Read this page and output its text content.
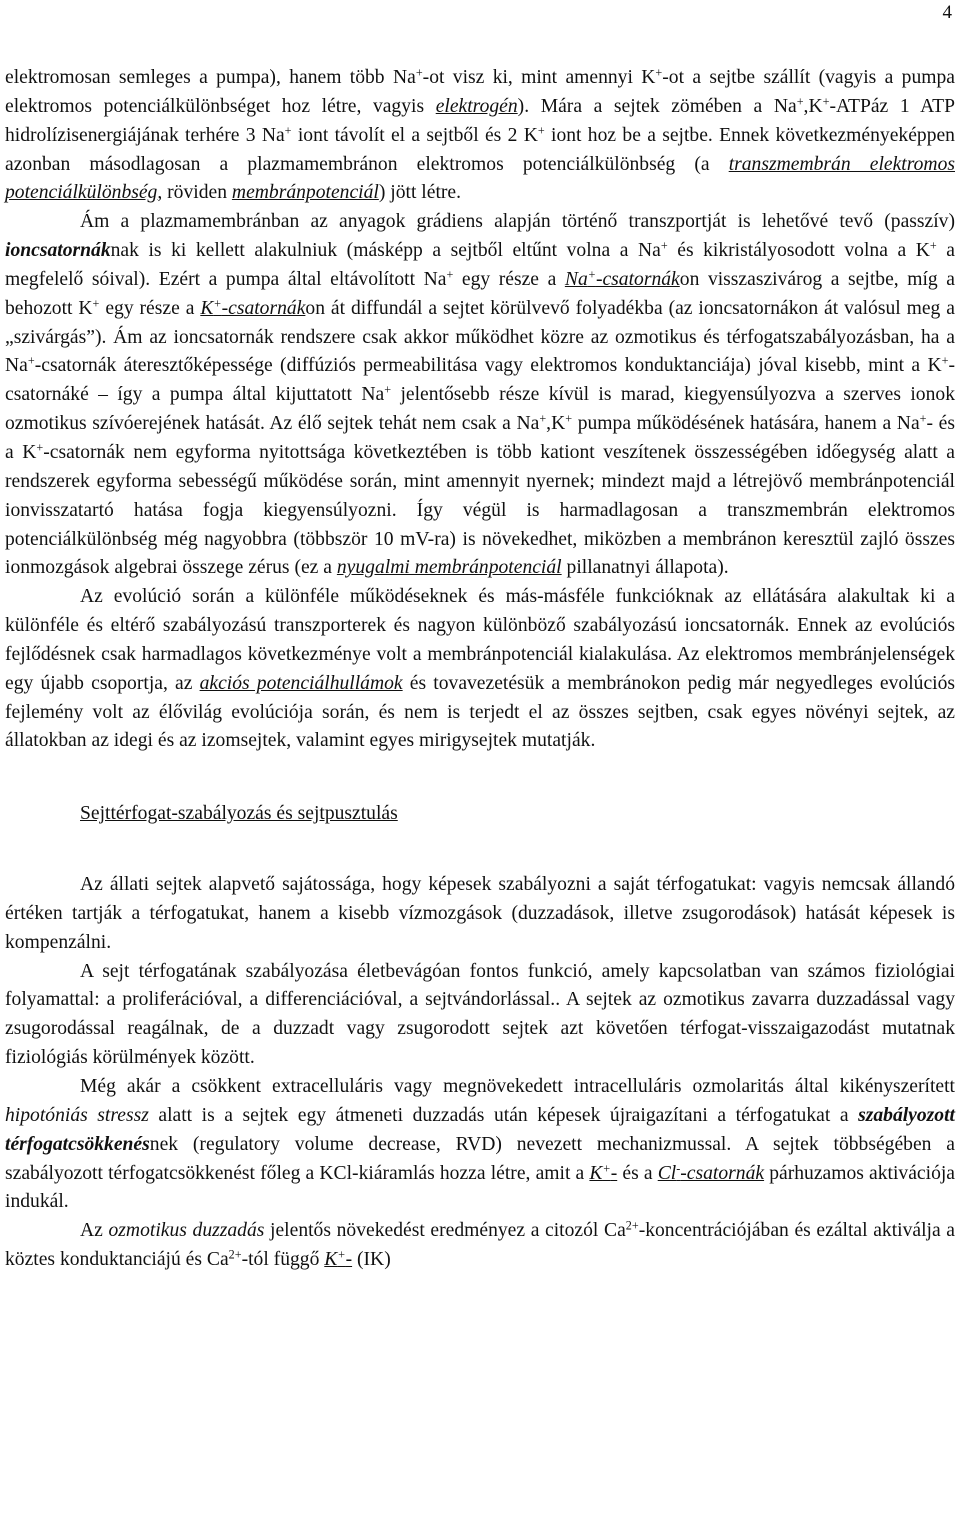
4

elektromosan semleges a pumpa), hanem több Na+-ot visz ki, mint amennyi K+-ot a sejtbe szállít (vagyis a pumpa elektromos potenciálkülönbséget hoz létre, vagyis elektrogén). Mára a sejtek zömében a Na+,K+-ATPáz 1 ATP hidrolízisenergiájának terhére 3 Na+ iont távolít el a sejtből és 2 K+ iont hoz be a sejtbe. Ennek következményeképpen azonban másodlagosan a plazmamembránon elektromos potenciálkülönbség (a transzmembrán elektromos potenciálkülönbség, röviden membránpotenciál) jött létre.

Ám a plazmamembránban az anyagok grádiens alapján történő transzportját is lehetővé tevő (passzív) ioncsatornáknak is ki kellett alakulniuk (másképp a sejtből eltűnt volna a Na+ és kikristályosodott volna a K+ a megfelelő sóival). Ezért a pumpa által eltávolított Na+ egy része a Na+-csatornákon visszaszivárog a sejtbe, míg a behozott K+ egy része a K+-csatornákon át diffundál a sejtet körülvevő folyadékba (az ioncsatornákon át valósul meg a „szivárgás”). Ám az ioncsatornák rendszere csak akkor működhet közre az ozmotikus és térfogatszabályozásban, ha a Na+-csatornák áteresztőképessége (diffúziós permeabilitása vagy elektromos konduktanciája) jóval kisebb, mint a K+-csatornáké – így a pumpa által kijuttatott Na+ jelentősebb része kívül is marad, kiegyensúlyozva a szerves ionok ozmotikus szívóerejének hatását. Az élő sejtek tehát nem csak a Na+,K+ pumpa működésének hatására, hanem a Na+- és a K+-csatornák nem egyforma nyitottsága következtében is több kationt veszítenek összességében időegység alatt a rendszerek egyforma sebességű működése során, mint amennyit nyernek; mindezt majd a létrejövő membránpotenciál ionvisszatartó hatása fogja kiegyensúlyozni. Így végül is harmadlagosan a transzmembrán elektromos potenciálkülönbség még nagyobbra (többször 10 mV-ra) is növekedhet, miközben a membránon keresztül zajló összes ionmozgások algebrai összege zérus (ez a nyugalmi membránpotenciál pillanatnyi állapota).

Az evolúció során a különféle működéseknek és más-másféle funkcióknak az ellátására alakultak ki a különféle és eltérő szabályozású transzporterek és nagyon különböző szabályozású ioncsatornák. Ennek az evolúciós fejlődésnek csak harmadlagos következménye volt a membránpotenciál kialakulása. Az elektromos membránjelenségek egy újabb csoportja, az akciós potenciálhullámok és tovavezetésük a membránokon pedig már negyedleges evolúciós fejlemény volt az élővilág evolúciója során, és nem is terjedt el az összes sejtben, csak egyes növényi sejtek, az állatokban az idegi és az izomsejtek, valamint egyes mirigysejtek mutatják.

Sejttérfogat-szabályozás és sejtpusztulás

Az állati sejtek alapvető sajátossága, hogy képesek szabályozni a saját térfogatukat: vagyis nemcsak állandó értéken tartják a térfogatukat, hanem a kisebb vízmozgások (duzzadások, illetve zsugorodások) hatását képesek is kompenzálni.

A sejt térfogatának szabályozása életbevágóan fontos funkció, amely kapcsolatban van számos fiziológiai folyamattal: a proliferációval, a differenciációval, a sejtvándorlással.. A sejtek az ozmotikus zavarra duzzadással vagy zsugorodással reagálnak, de a duzzadt vagy zsugorodott sejtek azt követően térfogat-visszaigazodást mutatnak fiziológiás körülmények között.

Még akár a csökkent extracelluláris vagy megnövekedett intracelluláris ozmolaritás által kikényszerített hipotóniás stressz alatt is a sejtek egy átmeneti duzzadás után képesek újraigazítani a térfogatukat a szabályozott térfogatcsökkenésnek (regulatory volume decrease, RVD) nevezett mechanizmussal. A sejtek többségében a szabályozott térfogatcsökkenést főleg a KCl-kiáramlás hozza létre, amit a K+- és a Cl--csatornák párhuzamos aktivációja indukál.

Az ozmotikus duzzadás jelentős növekedést eredményez a citozól $Ca^{2+}$-koncentrációjában és ezáltal aktiválja a köztes konduktanciájú és $Ca^{2+}$-tól függő K+- (IK)
